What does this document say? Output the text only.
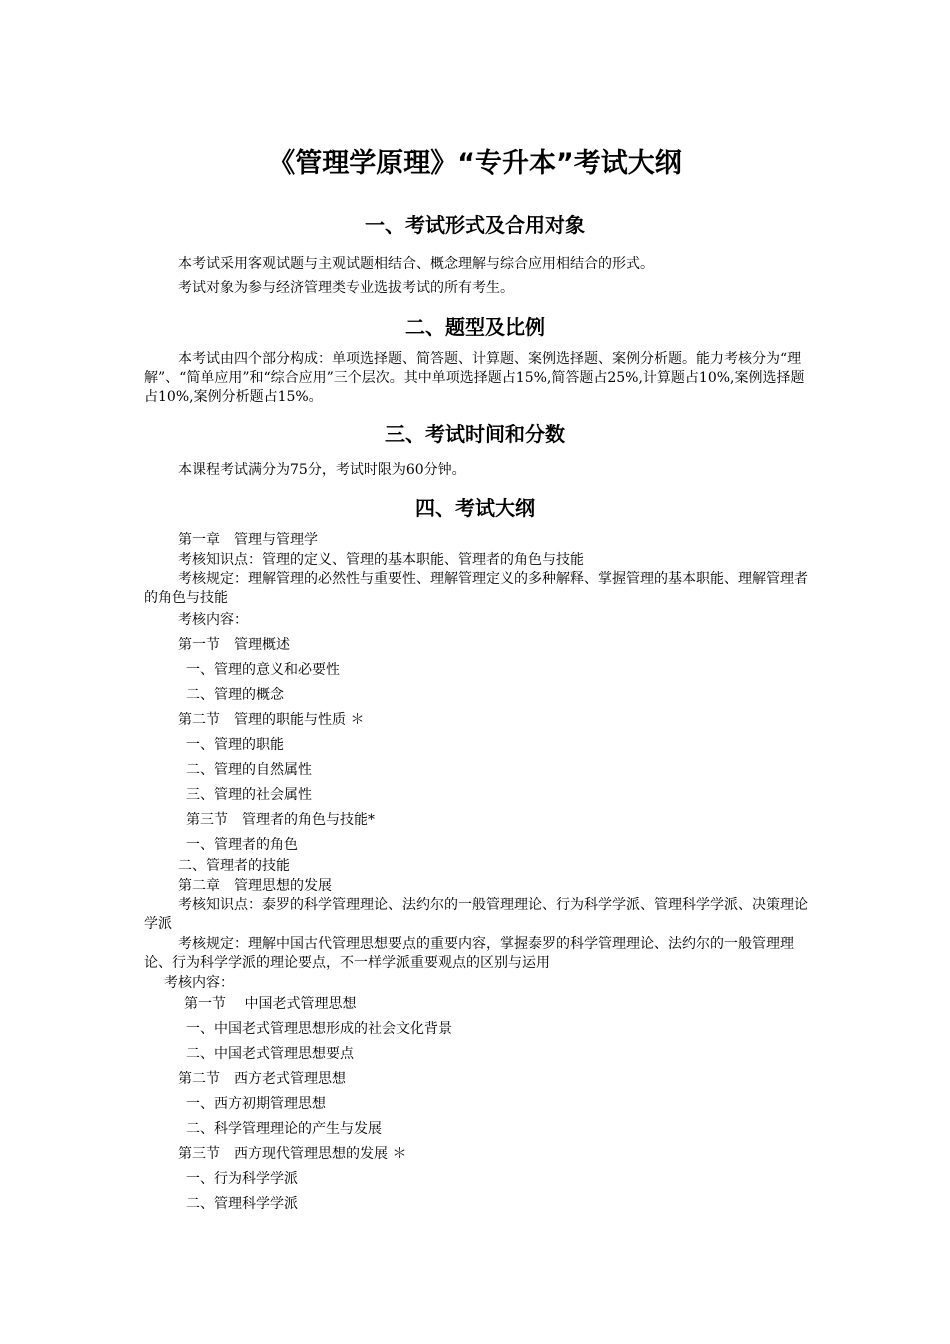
《管理学原理》“专升本”考试大纲
一、考试形式及合用对象

本考试采用客观试题与主观试题相结合、概念理解与综合应用相结合的形式。

考试对象为参与经济管理类专业选拔考试的所有考生。

二、题型及比例

本考试由四个部分构成：单项选择题、简答题、计算题、案例选择题、案例分析题。能力考核分为“理解”、“简单应用”和“综合应用”三个层次。其中单项选择题占15%,简答题占25%,计算题占10%,案例选择题占10%,案例分析题占15%。

三、考试时间和分数

本课程考试满分为75分，考试时限为60分钟。

四、考试大纲

第一章　管理与管理学

考核知识点：管理的定义、管理的基本职能、管理者的角色与技能

考核规定：理解管理的必然性与重要性、理解管理定义的多种解释、掌握管理的基本职能、理解管理者的角色与技能

考核内容：

第一节　管理概述

一、管理的意义和必要性

二、管理的概念

第二节　管理的职能与性质 ＊

一、管理的职能

二、管理的自然属性

三、管理的社会属性

第三节　管理者的角色与技能*

一、管理者的角色

二、管理者的技能

第二章　管理思想的发展

考核知识点：泰罗的科学管理理论、法约尔的一般管理理论、行为科学学派、管理科学学派、决策理论学派

考核规定：理解中国古代管理思想要点的重要内容，掌握泰罗的科学管理理论、法约尔的一般管理理论、行为科学学派的理论要点，不一样学派重要观点的区别与运用

考核内容：

第一节　 中国老式管理思想

一、中国老式管理思想形成的社会文化背景

二、中国老式管理思想要点

第二节　西方老式管理思想

一、西方初期管理思想

二、科学管理理论的产生与发展

第三节　西方现代管理思想的发展 ＊

一、行为科学学派

二、管理科学学派
